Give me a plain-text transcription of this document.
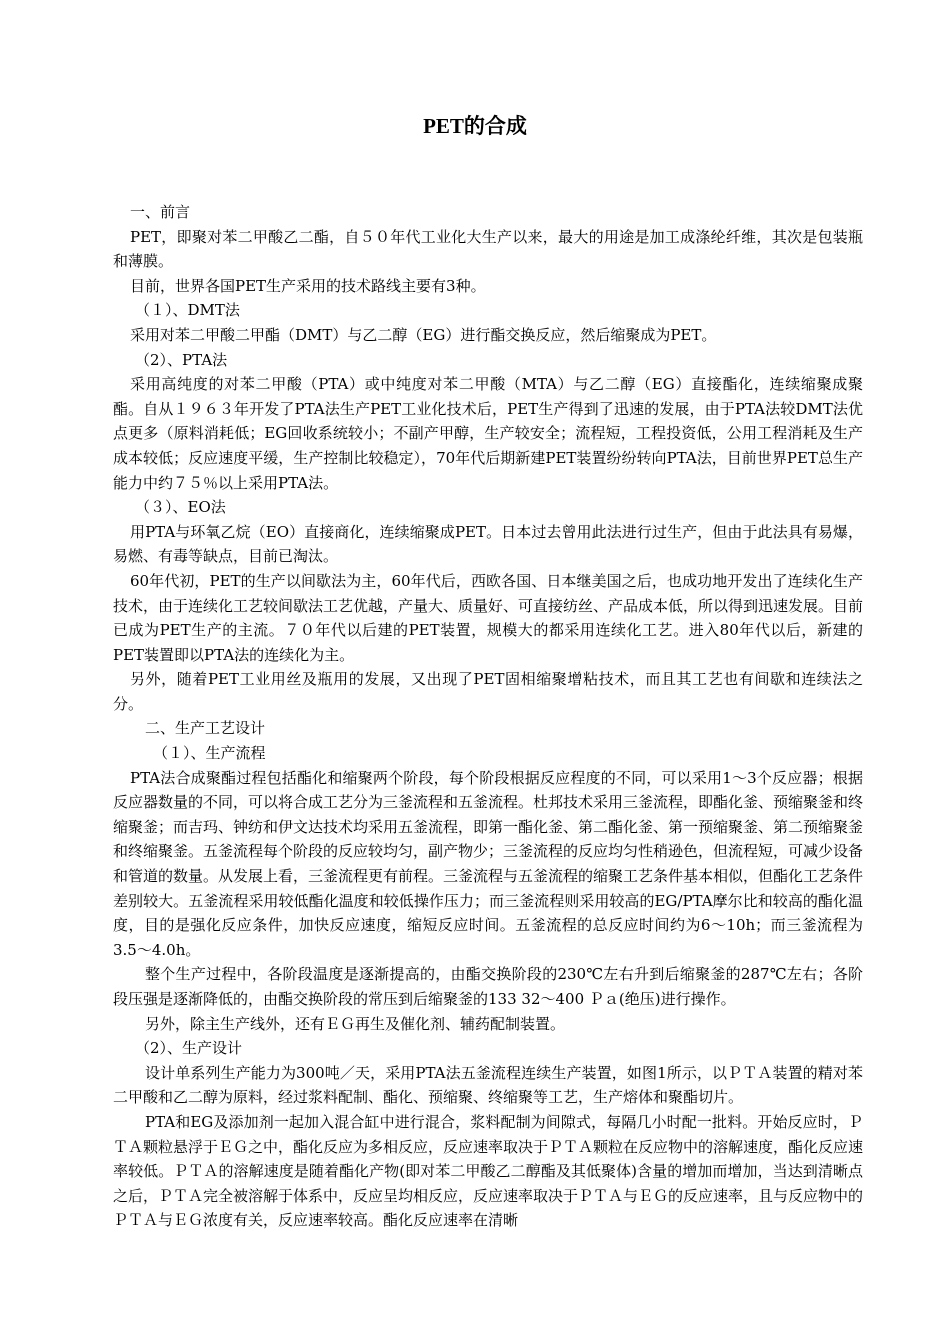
PET的合成

一、前言

PET，即聚对苯二甲酸乙二酯，自５０年代工业化大生产以来，最大的用途是加工成涤纶纤维，其次是包装瓶和薄膜。

目前，世界各国PET生产采用的技术路线主要有3种。

（１）、DMT法

采用对苯二甲酸二甲酯（DMT）与乙二醇（EG）进行酯交换反应，然后缩聚成为PET。

（2）、PTA法

采用高纯度的对苯二甲酸（PTA）或中纯度对苯二甲酸（MTA）与乙二醇（EG）直接酯化，连续缩聚成聚酯。自从１９６３年开发了PTA法生产PET工业化技术后，PET生产得到了迅速的发展，由于PTA法较DMT法优点更多（原料消耗低；EG回收系统较小；不副产甲醇，生产较安全；流程短，工程投资低，公用工程消耗及生产成本较低；反应速度平缓，生产控制比较稳定），70年代后期新建PET装置纷纷转向PTA法，目前世界PET总生产能力中约７５％以上采用PTA法。

（３）、EO法

用PTA与环氧乙烷（EO）直接商化，连续缩聚成PET。日本过去曾用此法进行过生产，但由于此法具有易爆，易燃、有毒等缺点，目前已淘汰。

60年代初，PET的生产以间歇法为主，60年代后，西欧各国、日本继美国之后，也成功地开发出了连续化生产技术，由于连续化工艺较间歇法工艺优越，产量大、质量好、可直接纺丝、产品成本低，所以得到迅速发展。目前已成为PET生产的主流。７０年代以后建的PET装置，规模大的都采用连续化工艺。进入80年代以后，新建的PET装置即以PTA法的连续化为主。

另外，随着PET工业用丝及瓶用的发展，又出现了PET固相缩聚增粘技术，而且其工艺也有间歇和连续法之分。

二、生产工艺设计

（１）、生产流程

PTA法合成聚酯过程包括酯化和缩聚两个阶段，每个阶段根据反应程度的不同，可以采用1～3个反应器；根据反应器数量的不同，可以将合成工艺分为三釜流程和五釜流程。杜邦技术采用三釜流程，即酯化釜、预缩聚釜和终缩聚釜；而吉玛、钟纺和伊文达技术均采用五釜流程，即第一酯化釜、第二酯化釜、第一预缩聚釜、第二预缩聚釜和终缩聚釜。五釜流程每个阶段的反应较均匀，副产物少；三釜流程的反应均匀性稍逊色，但流程短，可减少设备和管道的数量。从发展上看，三釜流程更有前程。三釜流程与五釜流程的缩聚工艺条件基本相似，但酯化工艺条件差别较大。五釜流程采用较低酯化温度和较低操作压力；而三釜流程则采用较高的EG/PTA摩尔比和较高的酯化温度，目的是强化反应条件，加快反应速度，缩短反应时间。五釜流程的总反应时间约为6～10h；而三釜流程为3.5～4.0h。

整个生产过程中，各阶段温度是逐渐提高的，由酯交换阶段的230℃左右升到后缩聚釜的287℃左右；各阶段压强是逐渐降低的，由酯交换阶段的常压到后缩聚釜的133 32～400 Ｐａ(绝压)进行操作。

另外，除主生产线外，还有ＥＧ再生及催化剂、辅药配制装置。

（2）、生产设计

设计单系列生产能力为300吨／天，采用PTA法五釜流程连续生产装置，如图1所示，以ＰＴＡ装置的精对苯二甲酸和乙二醇为原料，经过浆料配制、酯化、预缩聚、终缩聚等工艺，生产熔体和聚酯切片。

PTA和EG及添加剂一起加入混合缸中进行混合，浆料配制为间隙式，每隔几小时配一批料。开始反应时，ＰＴＡ颗粒悬浮于ＥＧ之中，酯化反应为多相反应，反应速率取决于ＰＴＡ颗粒在反应物中的溶解速度，酯化反应速率较低。ＰＴＡ的溶解速度是随着酯化产物(即对苯二甲酸乙二醇酯及其低聚体)含量的增加而增加，当达到清晰点之后，ＰＴＡ完全被溶解于体系中，反应呈均相反应，反应速率取决于ＰＴＡ与ＥＧ的反应速率，且与反应物中的ＰＴＡ与ＥＧ浓度有关，反应速率较高。酯化反应速率在清晰
